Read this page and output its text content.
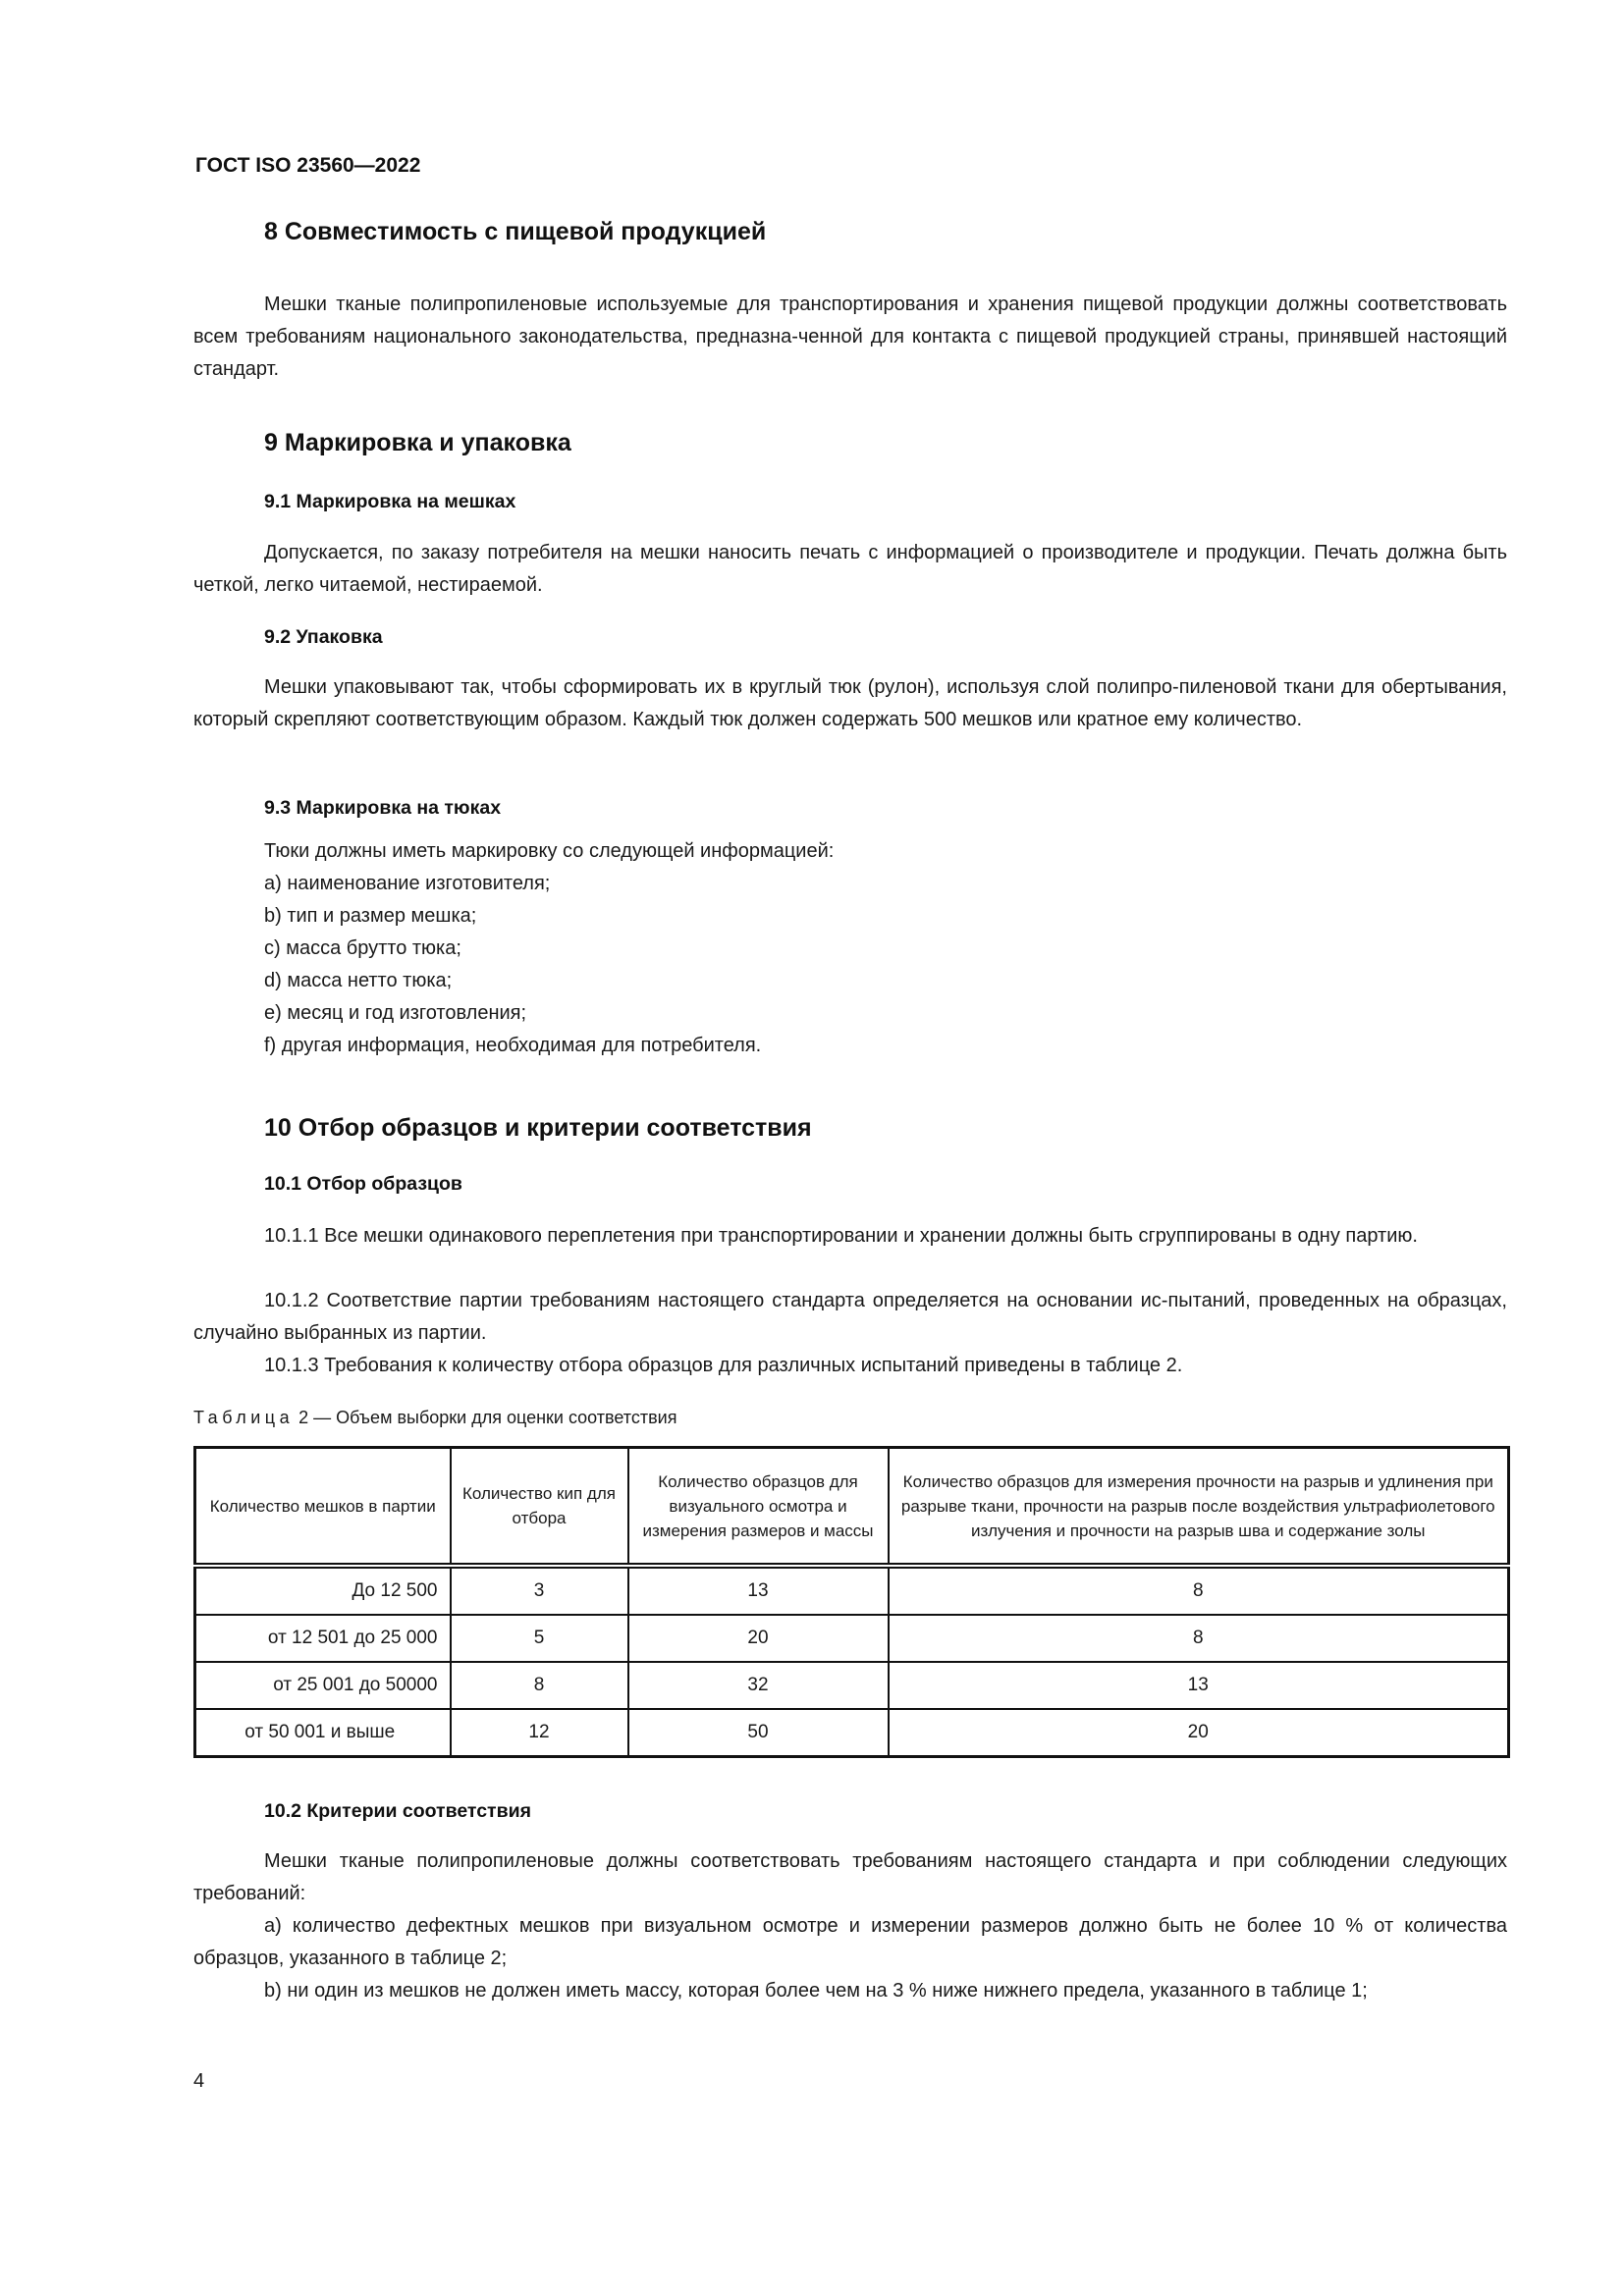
ГОСТ ISO 23560—2022
8 Совместимость с пищевой продукцией
Мешки тканые полипропиленовые используемые для транспортирования и хранения пищевой продукции должны соответствовать всем требованиям национального законодательства, предназна-ченной для контакта с пищевой продукцией страны, принявшей настоящий стандарт.
9 Маркировка и упаковка
9.1 Маркировка на мешках
Допускается, по заказу потребителя на мешки наносить печать с информацией о производителе и продукции. Печать должна быть четкой, легко читаемой, нестираемой.
9.2 Упаковка
Мешки упаковывают так, чтобы сформировать их в круглый тюк (рулон), используя слой полипро-пиленовой ткани для обертывания, который скрепляют соответствующим образом. Каждый тюк должен содержать 500 мешков или кратное ему количество.
9.3 Маркировка на тюках
Тюки должны иметь маркировку со следующей информацией:
a) наименование изготовителя;
b) тип и размер мешка;
c) масса брутто тюка;
d) масса нетто тюка;
e) месяц и год изготовления;
f) другая информация, необходимая для потребителя.
10 Отбор образцов и критерии соответствия
10.1 Отбор образцов
10.1.1 Все мешки одинакового переплетения при транспортировании и хранении должны быть сгруппированы в одну партию.
10.1.2 Соответствие партии требованиям настоящего стандарта определяется на основании ис-пытаний, проведенных на образцах, случайно выбранных из партии.
10.1.3 Требования к количеству отбора образцов для различных испытаний приведены в таблице 2.
Таблица 2 — Объем выборки для оценки соответствия
Количество мешков в партии	Количество кип для отбора	Количество образцов для визуального осмотра и измерения размеров и массы	Количество образцов для измерения прочности на разрыв и удлинения при разрыве ткани, прочности на разрыв после воздействия ультрафиолетового излучения и прочности на разрыв шва и содержание золы
До 12 500	3	13	8
от 12 501 до 25 000	5	20	8
от 25 001 до 50000	8	32	13
от 50 001 и выше	12	50	20
10.2 Критерии соответствия
Мешки тканые полипропиленовые должны соответствовать требованиям настоящего стандарта и при соблюдении следующих требований:
a) количество дефектных мешков при визуальном осмотре и измерении размеров должно быть не более 10 % от количества образцов, указанного в таблице 2;
b) ни один из мешков не должен иметь массу, которая более чем на 3 % ниже нижнего предела, указанного в таблице 1;
4
